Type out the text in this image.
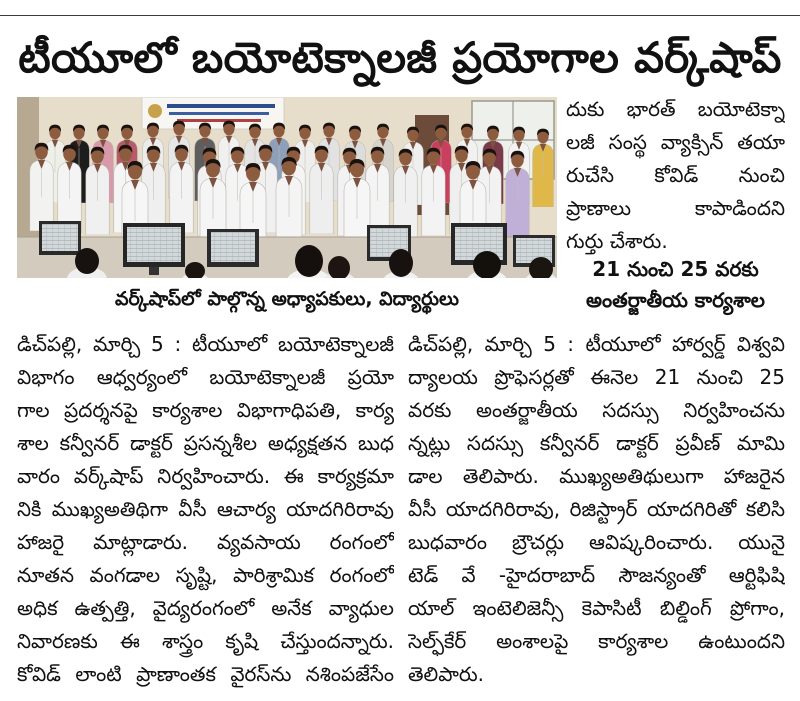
టీయూలో బయోటెక్నాలజీ ప్రయోగాల వర్క్‌షాప్
వర్క్‌షాప్‌లో పాల్గొన్న అధ్యాపకులు, విద్యార్థులు
దుకు భారత్ బయోటెక్నా
లజీ సంస్థ వ్యాక్సిన్ తయా
రుచేసి కోవిడ్ నుంచి
ప్రాణాలు కాపాడిందని
గుర్తు చేశారు.
21 నుంచి 25 వరకు
అంతర్జాతీయ కార్యశాల
డిచ్‌పల్లి, మార్చి 5 : టీయూలో బయోటెక్నాలజీ
విభాగం ఆధ్వర్యంలో బయోటెక్నాలజీ ప్రయో
గాల ప్రదర్శనపై కార్యశాల విభాగాధిపతి, కార్య
శాల కన్వీనర్ డాక్టర్ ప్రసన్నశీల అధ్యక్షతన బుధ
వారం వర్క్‌షాప్ నిర్వహించారు. ఈ కార్యక్రమా
నికి ముఖ్యఅతిథిగా వీసీ ఆచార్య యాదగిరిరావు
హాజరై మాట్లాడారు. వ్యవసాయ రంగంలో
నూతన వంగడాల సృష్టి, పారిశ్రామిక రంగంలో
అధిక ఉత్పత్తి, వైద్యరంగంలో అనేక వ్యాధుల
నివారణకు ఈ శాస్త్రం కృషి చేస్తుందన్నారు.
కోవిడ్ లాంటి ప్రాణాంతక వైరస్‌ను నశింపజేసేం
డిచ్‌పల్లి, మార్చి 5 : టీయూలో హార్వర్డ్ విశ్వవి
ద్యాలయ ప్రొఫెసర్లతో ఈనెల 21 నుంచి 25
వరకు అంతర్జాతీయ సదస్సు నిర్వహించను
న్నట్లు సదస్సు కన్వీనర్ డాక్టర్ ప్రవీణ్ మామి
డాల తెలిపారు. ముఖ్యఅతిథులుగా హాజరైన
వీసీ యాదగిరిరావు, రిజిస్ట్రార్ యాదగిరితో కలిసి
బుధవారం బ్రౌచర్లు ఆవిష్కరించారు. యునై
టెడ్ వే -హైదరాబాద్ సౌజన్యంతో ఆర్టిఫిషి
యాల్ ఇంటెలిజెన్సీ కెపాసిటీ బిల్డింగ్ ప్రోగాం,
సెల్ఫ్‌కేర్ అంశాలపై కార్యశాల ఉంటుందని
తెలిపారు.
